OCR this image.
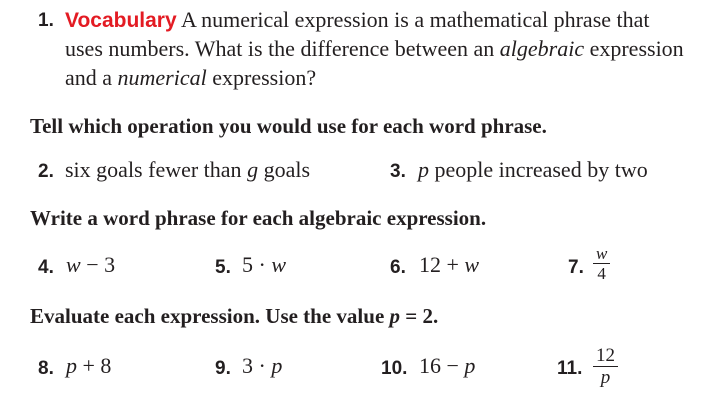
1. Vocabulary A numerical expression is a mathematical phrase that
uses numbers. What is the difference between an algebraic expression
and a numerical expression?
Tell which operation you would use for each word phrase.
2. six goals fewer than g goals	3. p people increased by two
Write a word phrase for each algebraic expression.
4. w − 3	5. 5 · w	6. 12 + w	7. $\frac{w}{4}$
Evaluate each expression. Use the value p = 2.
8. p + 8	9. 3 · p	10. 16 − p	11. $\frac{12}{p}$
